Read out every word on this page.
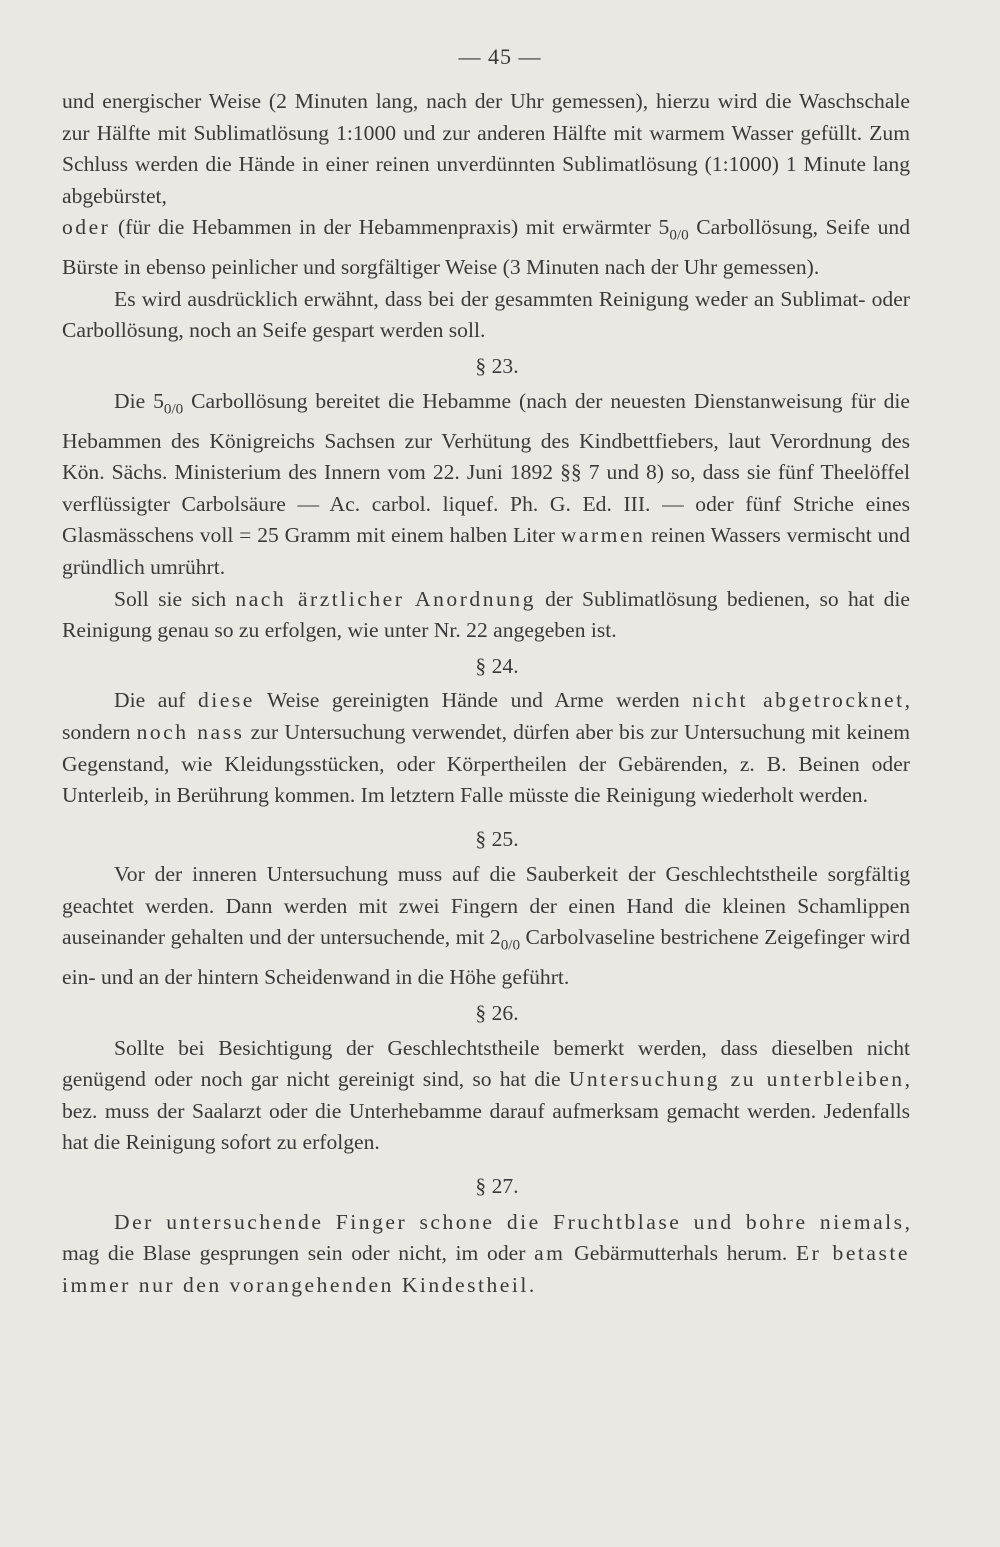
— 45 —

und energischer Weise (2 Minuten lang, nach der Uhr gemessen), hierzu wird die Waschschale zur Hälfte mit Sublimatlösung 1:1000 und zur anderen Hälfte mit warmem Wasser gefüllt. Zum Schluss werden die Hände in einer reinen unverdünnten Sublimatlösung (1:1000) 1 Minute lang abgebürstet,

oder (für die Hebammen in der Hebammenpraxis) mit erwärmter $5_{0/0}$ Carbollösung, Seife und Bürste in ebenso peinlicher und sorgfältiger Weise (3 Minuten nach der Uhr gemessen).

Es wird ausdrücklich erwähnt, dass bei der gesammten Reinigung weder an Sublimat- oder Carbollösung, noch an Seife gespart werden soll.

§ 23.

Die $5_{0/0}$ Carbollösung bereitet die Hebamme (nach der neuesten Dienstanweisung für die Hebammen des Königreichs Sachsen zur Verhütung des Kindbettfiebers, laut Verordnung des Kön. Sächs. Ministerium des Innern vom 22. Juni 1892 §§ 7 und 8) so, dass sie fünf Theelöffel verflüssigter Carbolsäure — Ac. carbol. liquef. Ph. G. Ed. III. — oder fünf Striche eines Glasmässchens voll = 25 Gramm mit einem halben Liter warmen reinen Wassers vermischt und gründlich umrührt.

Soll sie sich nach ärztlicher Anordnung der Sublimatlösung bedienen, so hat die Reinigung genau so zu erfolgen, wie unter Nr. 22 angegeben ist.

§ 24.

Die auf diese Weise gereinigten Hände und Arme werden nicht abgetrocknet, sondern noch nass zur Untersuchung verwendet, dürfen aber bis zur Untersuchung mit keinem Gegenstand, wie Kleidungsstücken, oder Körpertheilen der Gebärenden, z. B. Beinen oder Unterleib, in Berührung kommen. Im letztern Falle müsste die Reinigung wiederholt werden.

§ 25.

Vor der inneren Untersuchung muss auf die Sauberkeit der Geschlechtstheile sorgfältig geachtet werden. Dann werden mit zwei Fingern der einen Hand die kleinen Schamlippen auseinander gehalten und der untersuchende, mit $2_{0/0}$ Carbolvaseline bestrichene Zeigefinger wird ein- und an der hintern Scheidenwand in die Höhe geführt.

§ 26.

Sollte bei Besichtigung der Geschlechtstheile bemerkt werden, dass dieselben nicht genügend oder noch gar nicht gereinigt sind, so hat die Untersuchung zu unterbleiben, bez. muss der Saalarzt oder die Unterhebamme darauf aufmerksam gemacht werden. Jedenfalls hat die Reinigung sofort zu erfolgen.

§ 27.

Der untersuchende Finger schone die Fruchtblase und bohre niemals, mag die Blase gesprungen sein oder nicht, im oder am Gebärmutterhals herum. Er betaste immer nur den vorangehenden Kindestheil.
